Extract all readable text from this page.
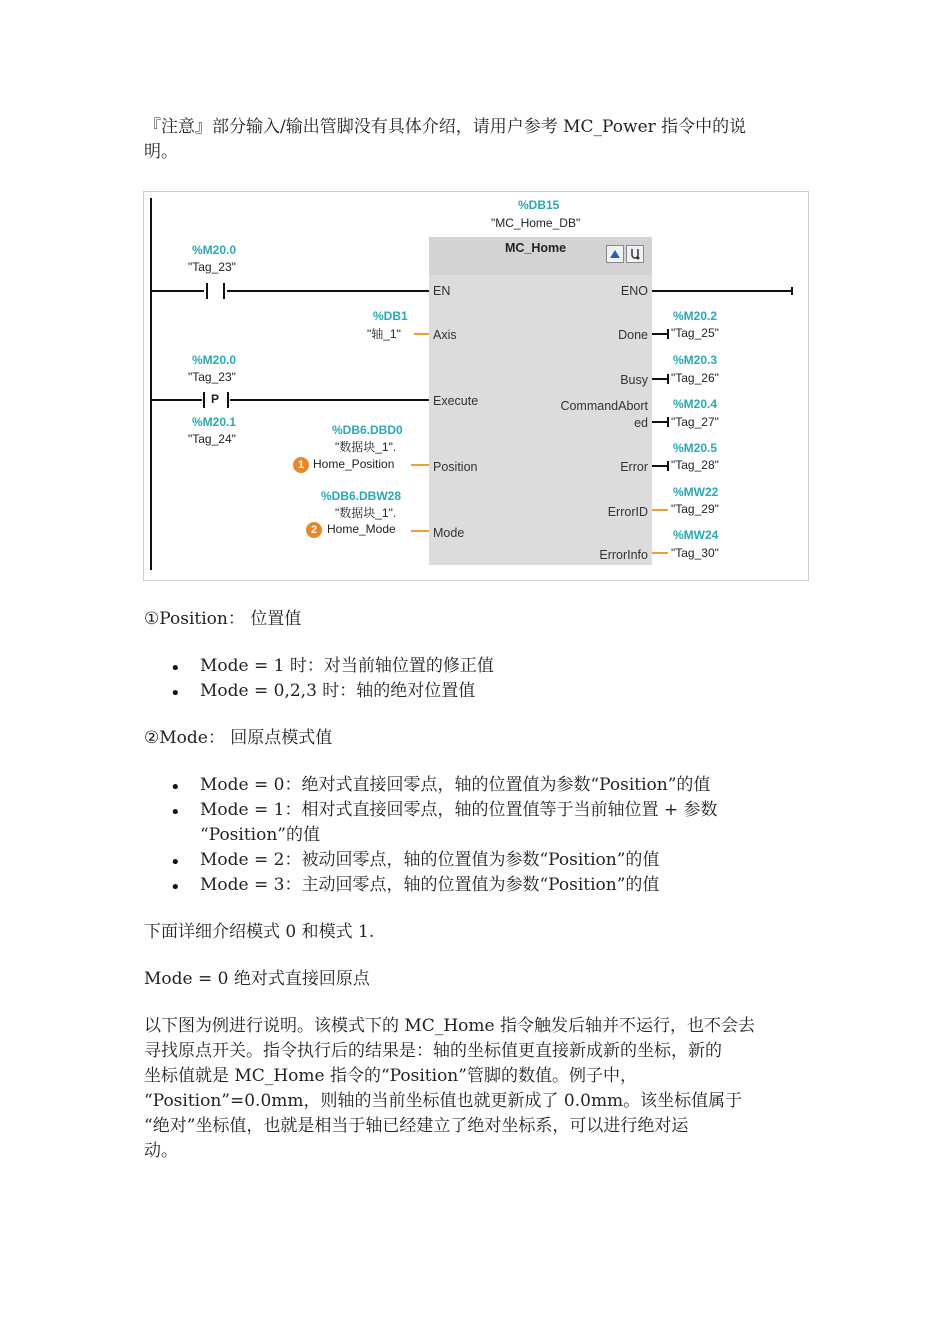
『注意』部分输入/输出管脚没有具体介绍，请用户参考 MC_Power 指令中的说
明。

P
%DB15
"MC_Home_DB"
MC_Home
EN
Axis
Execute
Position
Mode
ENO
Done
Busy
CommandAbort
ed
Error
ErrorID
ErrorInfo
%M20.0
"Tag_23"
%M20.0
"Tag_23"
%M20.1
"Tag_24"
%DB1
"轴_1"
%DB6.DBD0
"数据块_1".
1 Home_Position
%DB6.DBW28
"数据块_1".
2 Home_Mode
%M20.2
"Tag_25"
%M20.3
"Tag_26"
%M20.4
"Tag_27"
%M20.5
"Tag_28"
%MW22
"Tag_29"
%MW24
"Tag_30"
①Position： 位置值
• Mode = 1 时：对当前轴位置的修正值
• Mode = 0,2,3 时：轴的绝对位置值
②Mode： 回原点模式值
• Mode = 0：绝对式直接回零点，轴的位置值为参数“Position”的值
• Mode = 1：相对式直接回零点，轴的位置值等于当前轴位置 + 参数
“Position”的值
• Mode = 2：被动回零点，轴的位置值为参数“Position”的值
• Mode = 3：主动回零点，轴的位置值为参数“Position”的值
下面详细介绍模式 0 和模式 1.
Mode = 0 绝对式直接回原点
以下图为例进行说明。该模式下的 MC_Home 指令触发后轴并不运行，也不会去
寻找原点开关。指令执行后的结果是：轴的坐标值更直接新成新的坐标，新的
坐标值就是 MC_Home 指令的“Position”管脚的数值。例子中，
“Position”=0.0mm，则轴的当前坐标值也就更新成了 0.0mm。该坐标值属于
“绝对”坐标值，也就是相当于轴已经建立了绝对坐标系，可以进行绝对运
动。
